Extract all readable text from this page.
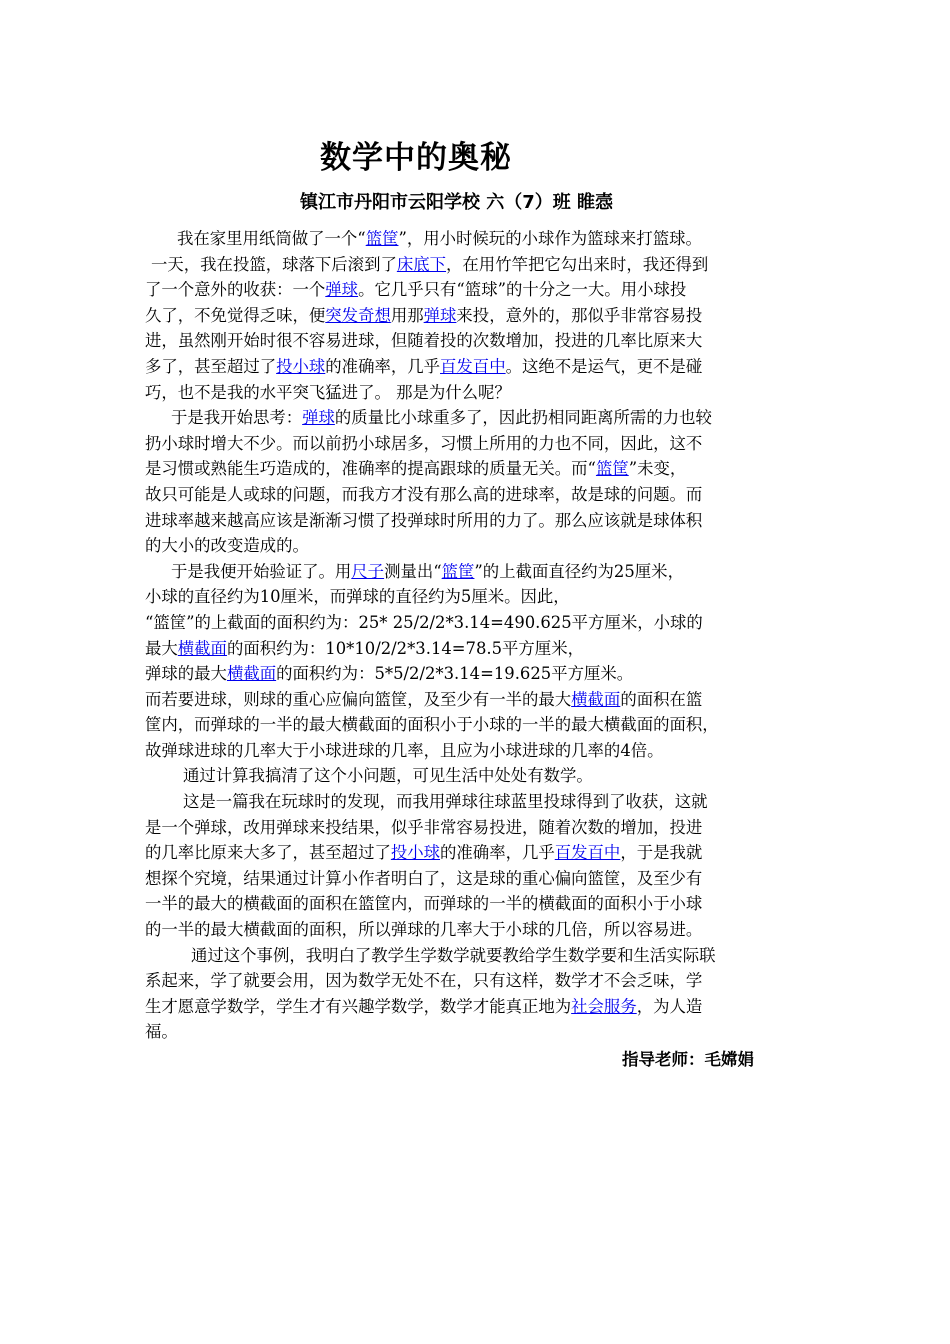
数学中的奥秘
镇江市丹阳市云阳学校 六（7）班 睢悫
我在家里用纸筒做了一个“篮筐”，用小时候玩的小球作为篮球来打篮球。
一天，我在投篮，球落下后滚到了床底下，在用竹竿把它勾出来时，我还得到
了一个意外的收获：一个弹球。它几乎只有“篮球”的十分之一大。用小球投
久了，不免觉得乏味，便突发奇想用那弹球来投，意外的，那似乎非常容易投
进，虽然刚开始时很不容易进球，但随着投的次数增加，投进的几率比原来大
多了，甚至超过了投小球的准确率，几乎百发百中。这绝不是运气，更不是碰
巧，也不是我的水平突飞猛进了。 那是为什么呢？
于是我开始思考：弹球的质量比小球重多了，因此扔相同距离所需的力也较
扔小球时增大不少。而以前扔小球居多，习惯上所用的力也不同，因此，这不
是习惯或熟能生巧造成的，准确率的提高跟球的质量无关。而“篮筐”未变，
故只可能是人或球的问题，而我方才没有那么高的进球率，故是球的问题。而
进球率越来越高应该是渐渐习惯了投弹球时所用的力了。那么应该就是球体积
的大小的改变造成的。
于是我便开始验证了。用尺子测量出“篮筐”的上截面直径约为25厘米，
小球的直径约为10厘米，而弹球的直径约为5厘米。因此，
“篮筐”的上截面的面积约为：25* 25/2/2*3.14=490.625平方厘米，小球的
最大横截面的面积约为：10*10/2/2*3.14=78.5平方厘米，
弹球的最大横截面的面积约为：5*5/2/2*3.14=19.625平方厘米。
而若要进球，则球的重心应偏向篮筐，及至少有一半的最大横截面的面积在篮
筐内，而弹球的一半的最大横截面的面积小于小球的一半的最大横截面的面积，
故弹球进球的几率大于小球进球的几率，且应为小球进球的几率的4倍。
通过计算我搞清了这个小问题，可见生活中处处有数学。
这是一篇我在玩球时的发现，而我用弹球往球蓝里投球得到了收获，这就
是一个弹球，改用弹球来投结果，似乎非常容易投进，随着次数的增加，投进
的几率比原来大多了，甚至超过了投小球的准确率，几乎百发百中，于是我就
想探个究境，结果通过计算小作者明白了，这是球的重心偏向篮筐，及至少有
一半的最大的横截面的面积在篮筐内，而弹球的一半的横截面的面积小于小球
的一半的最大横截面的面积，所以弹球的几率大于小球的几倍，所以容易进。
通过这个事例，我明白了教学生学数学就要教给学生数学要和生活实际联
系起来，学了就要会用，因为数学无处不在，只有这样，数学才不会乏味，学
生才愿意学数学，学生才有兴趣学数学，数学才能真正地为社会服务，为人造
福。
指导老师：毛嫦娟
